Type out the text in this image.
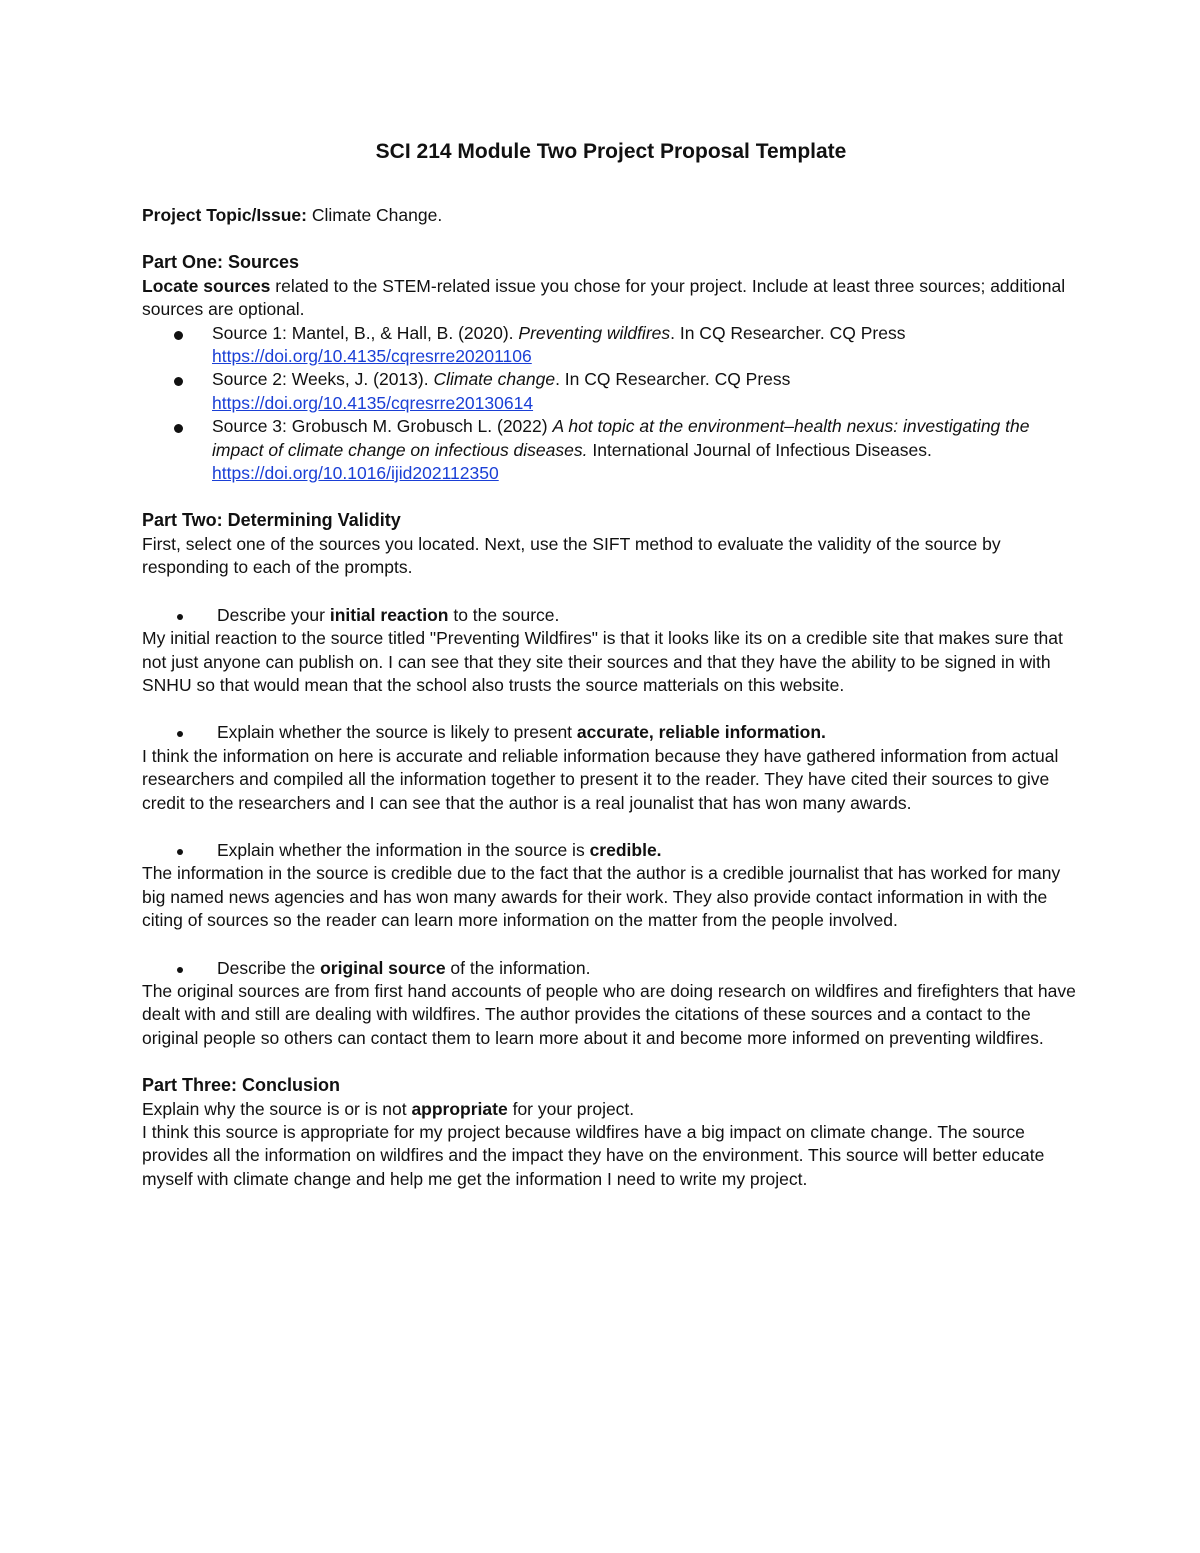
SCI 214 Module Two Project Proposal Template

Project Topic/Issue: Climate Change.

Part One: Sources

Locate sources related to the STEM-related issue you chose for your project. Include at least three sources; additional sources are optional.

Source 1: Mantel, B., & Hall, B. (2020). Preventing wildfires. In CQ Researcher. CQ Press https://doi.org/10.4135/cqresrre20201106
Source 2: Weeks, J. (2013). Climate change. In CQ Researcher. CQ Press https://doi.org/10.4135/cqresrre20130614
Source 3: Grobusch M. Grobusch L. (2022) A hot topic at the environment–health nexus: investigating the impact of climate change on infectious diseases. International Journal of Infectious Diseases. https://doi.org/10.1016/ijid202112350

Part Two: Determining Validity

First, select one of the sources you located. Next, use the SIFT method to evaluate the validity of the source by responding to each of the prompts.

Describe your initial reaction to the source.

My initial reaction to the source titled "Preventing Wildfires" is that it looks like its on a credible site that makes sure that not just anyone can publish on. I can see that they site their sources and that they have the ability to be signed in with SNHU so that would mean that the school also trusts the source matterials on this website.

Explain whether the source is likely to present accurate, reliable information.

I think the information on here is accurate and reliable information because they have gathered information from actual researchers and compiled all the information together to present it to the reader. They have cited their sources to give credit to the researchers and I can see that the author is a real jounalist that has won many awards.

Explain whether the information in the source is credible.

The information in the source is credible due to the fact that the author is a credible journalist that has worked for many big named news agencies and has won many awards for their work. They also provide contact information in with the citing of sources so the reader can learn more information on the matter from the people involved.

Describe the original source of the information.

The original sources are from first hand accounts of people who are doing research on wildfires and firefighters that have dealt with and still are dealing with wildfires. The author provides the citations of these sources and a contact to the original people so others can contact them to learn more about it and become more informed on preventing wildfires.

Part Three: Conclusion

Explain why the source is or is not appropriate for your project.

I think this source is appropriate for my project because wildfires have a big impact on climate change. The source provides all the information on wildfires and the impact they have on the environment. This source will better educate myself with climate change and help me get the information I need to write my project.
